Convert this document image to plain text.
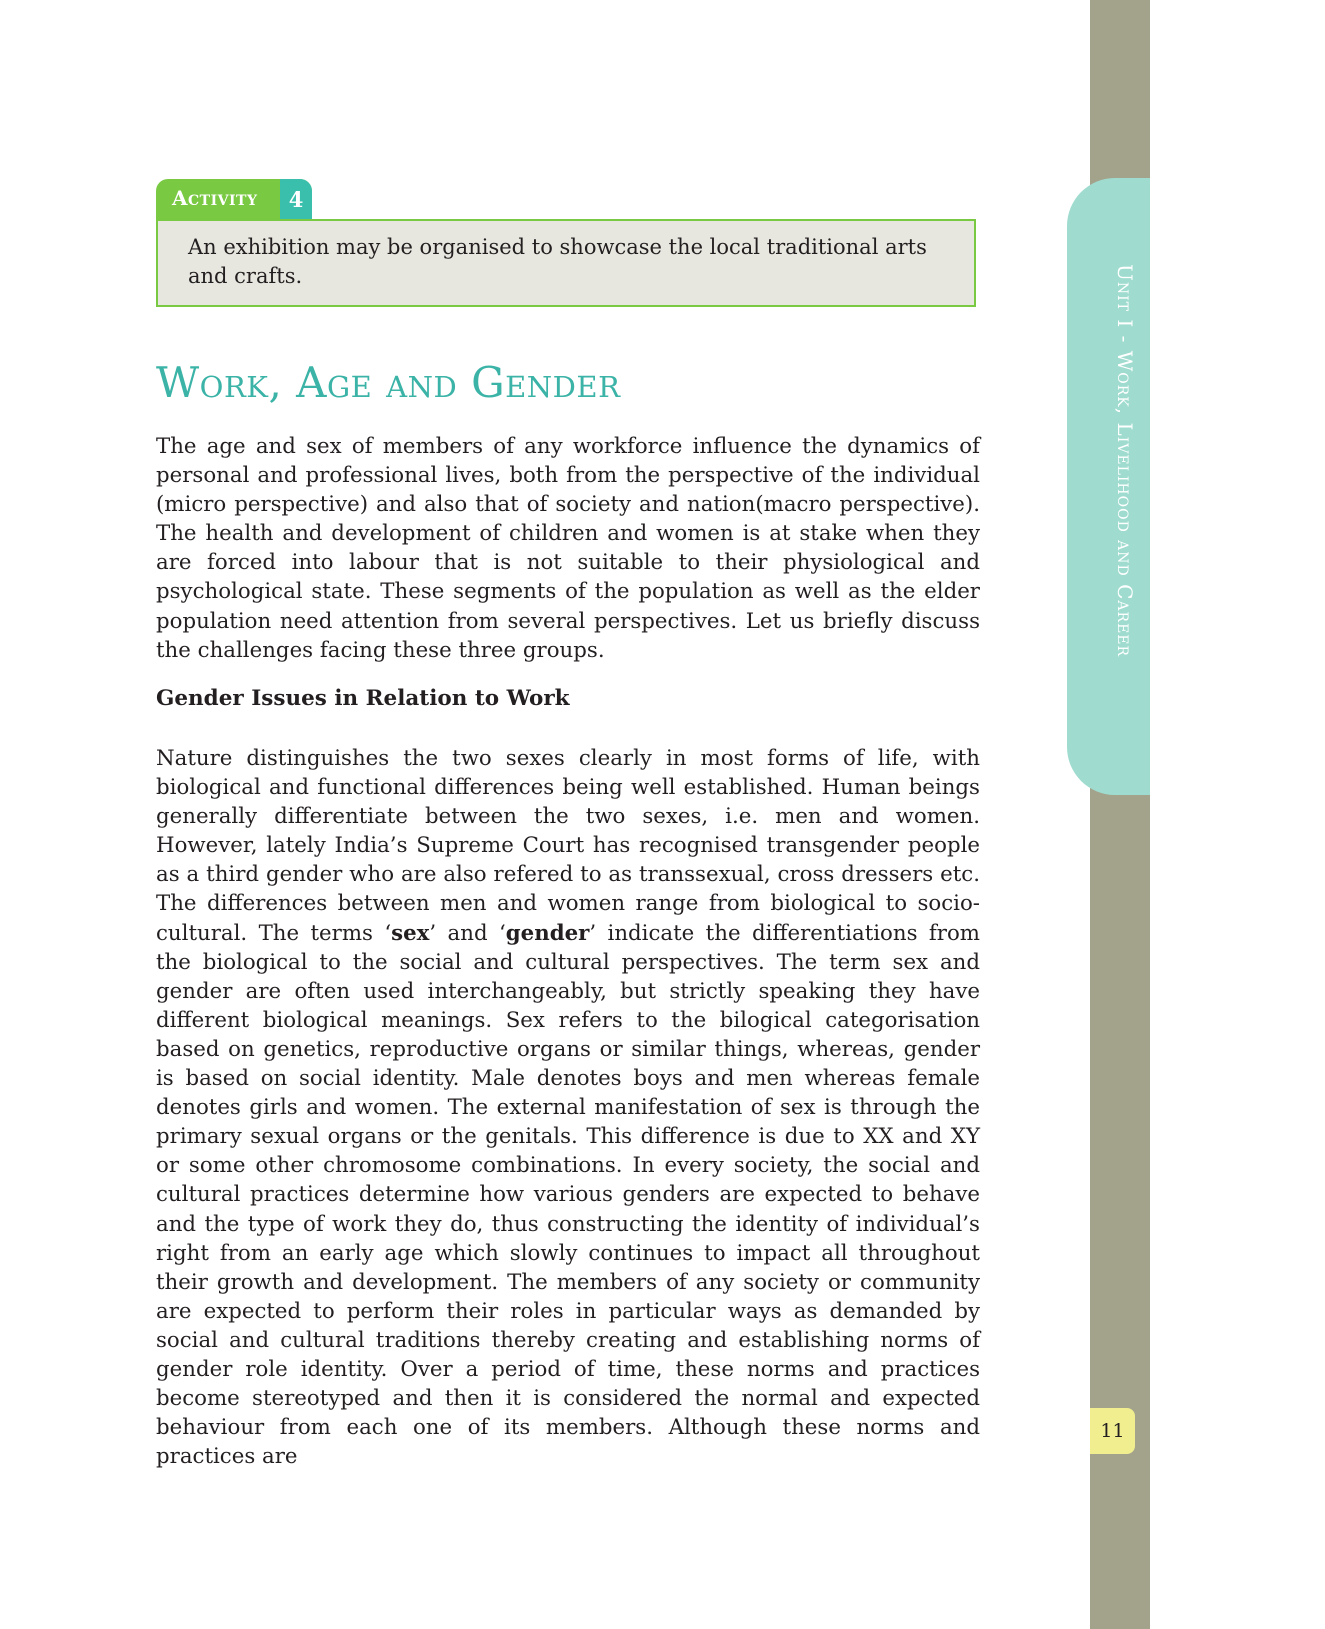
Unit I - Work, Livelihood and Career
11
Activity	4
An exhibition may be organised to showcase the local traditional arts and crafts.
Work, Age and Gender

The age and sex of members of any workforce influence the dynamics of personal and professional lives, both from the perspective of the individual (micro perspective) and also that of society and nation(macro perspective). The health and development of children and women is at stake when they are forced into labour that is not suitable to their physiological and psychological state. These segments of the population as well as the elder population need attention from several perspectives. Let us briefly discuss the challenges facing these three groups.

Gender Issues in Relation to Work

Nature distinguishes the two sexes clearly in most forms of life, with biological and functional differences being well established. Human beings generally differentiate between the two sexes, i.e. men and women. However, lately India’s Supreme Court has recognised transgender people as a third gender who are also refered to as transsexual, cross dressers etc. The differences between men and women range from biological to socio-cultural. The terms ‘sex’ and ‘gender’ indicate the differentiations from the biological to the social and cultural perspectives. The term sex and gender are often used interchangeably, but strictly speaking they have different biological meanings. Sex refers to the bilogical categorisation based on genetics, reproductive organs or similar things, whereas, gender is based on social identity. Male denotes boys and men whereas female denotes girls and women. The external manifestation of sex is through the primary sexual organs or the genitals. This difference is due to XX and XY or some other chromosome combinations. In every society, the social and cultural practices determine how various genders are expected to behave and the type of work they do, thus constructing the identity of individual’s right from an early age which slowly continues to impact all throughout their growth and development. The members of any society or community are expected to perform their roles in particular ways as demanded by social and cultural traditions thereby creating and establishing norms of gender role identity. Over a period of time, these norms and practices become stereotyped and then it is considered the normal and expected behaviour from each one of its members. Although these norms and practices are
